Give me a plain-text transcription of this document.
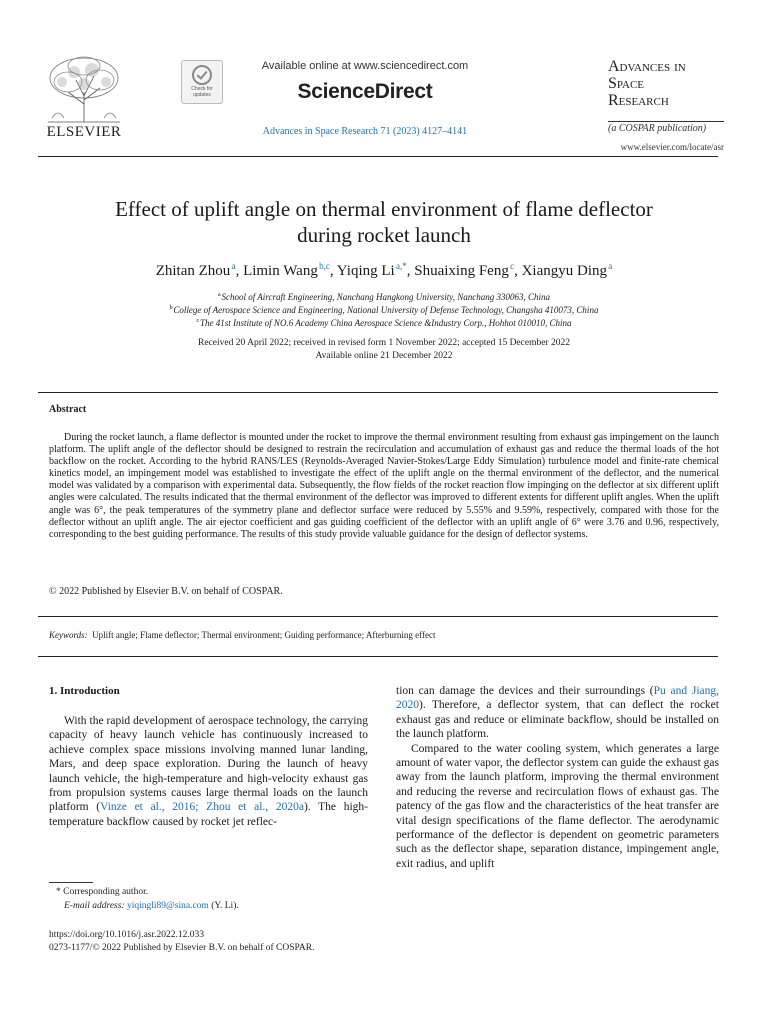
ELSEVIER
Check for updates
Available online at www.sciencedirect.com
ScienceDirect
Advances in Space Research 71 (2023) 4127–4141
Advances in
Space
Research
(a COSPAR publication)
www.elsevier.com/locate/asr
Effect of uplift angle on thermal environment of flame deflector
during rocket launch
Zhitan Zhou $^a$, Limin Wang $^{b,c}$, Yiqing Li $^{a,*}$, Shuaixing Feng $^c$, Xiangyu Ding $^a$
$^a$ School of Aircraft Engineering, Nanchang Hangkong University, Nanchang 330063, China
$^b$ College of Aerospace Science and Engineering, National University of Defense Technology, Changsha 410073, China
$^c$ The 41st Institute of NO.6 Academy China Aerospace Science &Industry Corp., Hohhot 010010, China
Received 20 April 2022; received in revised form 1 November 2022; accepted 15 December 2022
Available online 21 December 2022
Abstract
During the rocket launch, a flame deflector is mounted under the rocket to improve the thermal environment resulting from exhaust gas impingement on the launch platform. The uplift angle of the deflector should be designed to restrain the recirculation and accumulation of exhaust gas and reduce the thermal loads of the hot backflow on the rocket. According to the hybrid RANS/LES (Reynolds-Averaged Navier-Stokes/Large Eddy Simulation) turbulence model and finite-rate chemical kinetics model, an impingement model was established to investigate the effect of the uplift angle on the thermal environment of the deflector, and the numerical model was validated by a comparison with experimental data. Subsequently, the flow fields of the rocket reaction flow impinging on the deflector at six different uplift angles were calculated. The results indicated that the thermal environment of the deflector was improved to different extents for different uplift angles. When the uplift angle was 6°, the peak temperatures of the symmetry plane and deflector surface were reduced by 5.55% and 9.59%, respectively, compared with those for the deflector without an uplift angle. The air ejector coefficient and gas guiding coefficient of the deflector with an uplift angle of 6° were 3.76 and 0.96, respectively, corresponding to the best guiding performance. The results of this study provide valuable guidance for the design of deflector systems.
© 2022 Published by Elsevier B.V. on behalf of COSPAR.
Keywords: Uplift angle; Flame deflector; Thermal environment; Guiding performance; Afterburning effect
1. Introduction
With the rapid development of aerospace technology, the carrying capacity of heavy launch vehicle has continuously increased to achieve complex space missions involving manned lunar landing, Mars, and deep space exploration. During the launch of heavy launch vehicle, the high-temperature and high-velocity exhaust gas from propulsion systems causes large thermal loads on the launch platform (Vinze et al., 2016; Zhou et al., 2020a). The high-temperature backflow caused by rocket jet reflec-

tion can damage the devices and their surroundings (Pu and Jiang, 2020). Therefore, a deflector system, that can deflect the rocket exhaust gas and reduce or eliminate backflow, should be installed on the launch platform.

Compared to the water cooling system, which generates a large amount of water vapor, the deflector system can guide the exhaust gas away from the launch platform, improving the thermal environment and reducing the reverse and recirculation flows of exhaust gas. The patency of the gas flow and the characteristics of the heat transfer are vital design specifications of the flame deflector. The aerodynamic performance of the deflector is dependent on geometric parameters such as the deflector shape, separation distance, impingement angle, exit radius, and uplift

* Corresponding author.
E-mail address: yiqingli89@sina.com (Y. Li).
https://doi.org/10.1016/j.asr.2022.12.033
0273-1177/© 2022 Published by Elsevier B.V. on behalf of COSPAR.
